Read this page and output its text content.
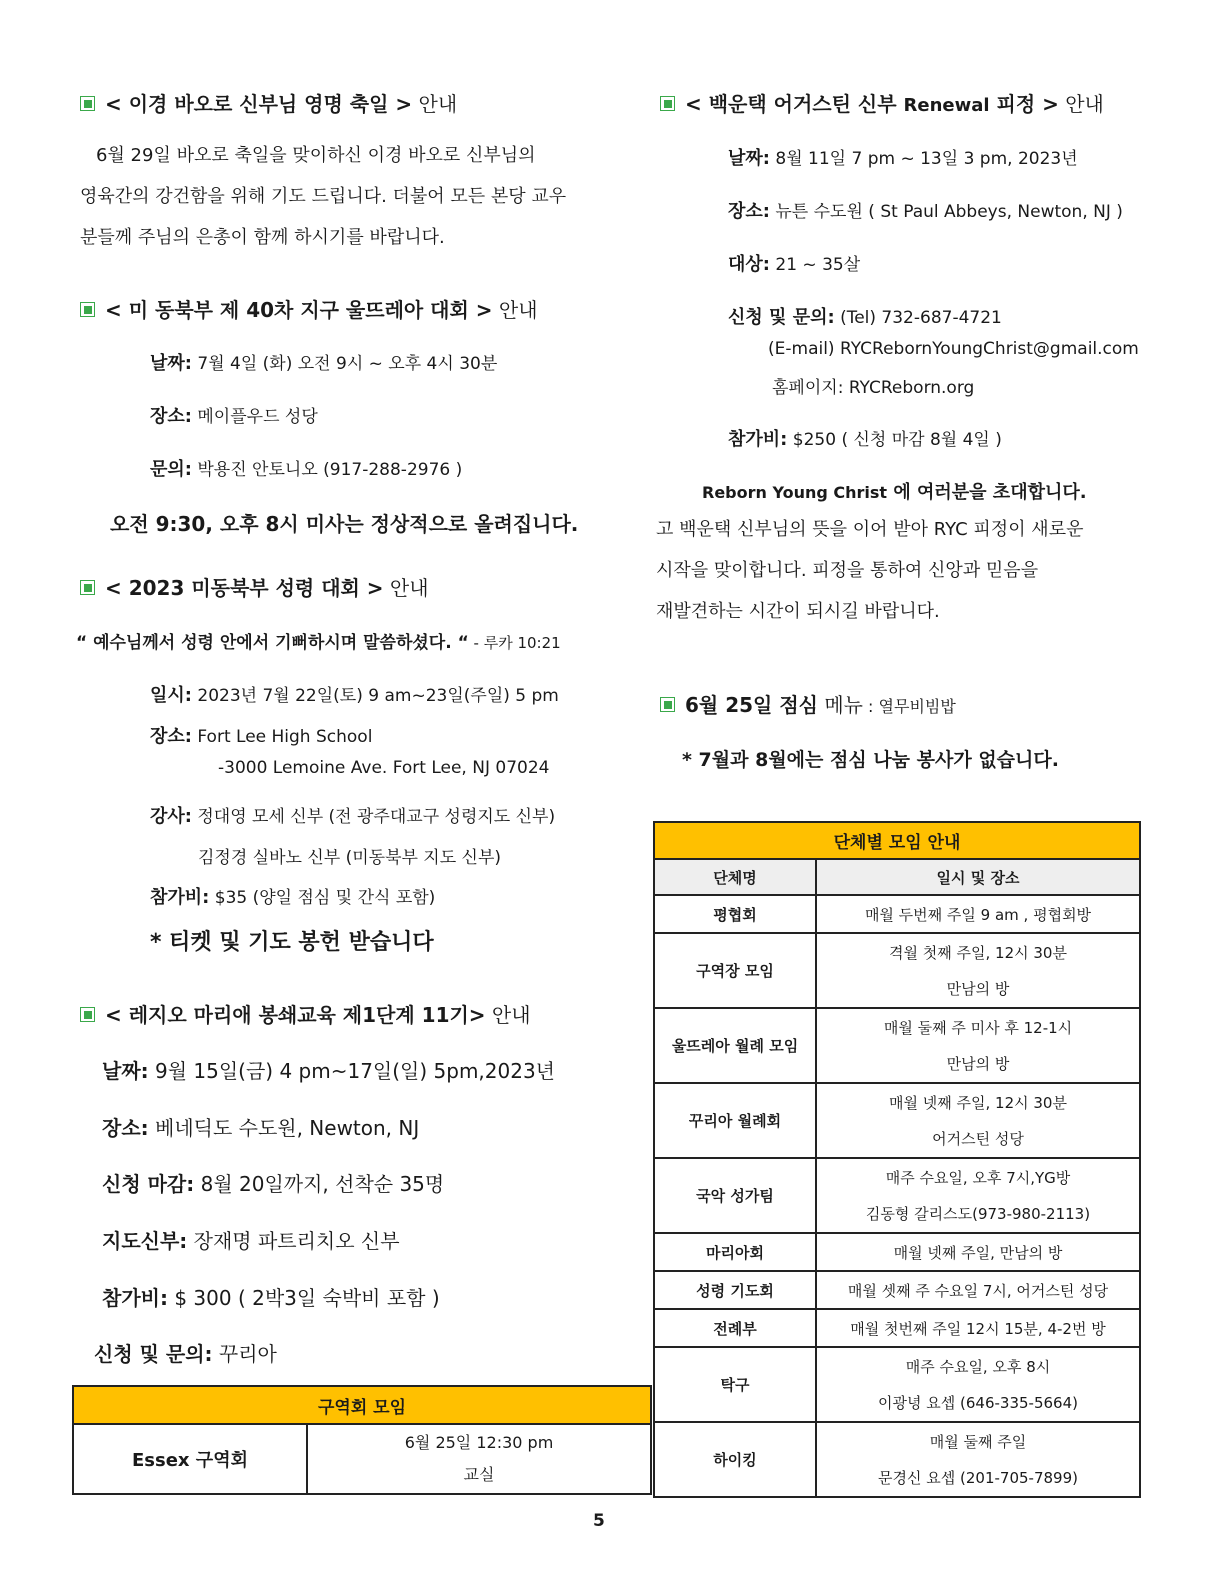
< 이경 바오로 신부님 영명 축일 > 안내
6월 29일 바오로 축일을 맞이하신 이경 바오로 신부님의
영육간의 강건함을 위해 기도 드립니다. 더불어 모든 본당 교우
분들께 주님의 은총이 함께 하시기를 바랍니다.
< 미 동북부 제 40차 지구 울뜨레아 대회 > 안내
날짜: 7월 4일 (화) 오전 9시 ~ 오후 4시 30분
장소: 메이플우드 성당
문의: 박용진 안토니오 (917-288-2976 )
오전 9:30, 오후 8시 미사는 정상적으로 올려집니다.
< 2023 미동북부 성령 대회 > 안내
“ 예수님께서 성령 안에서 기뻐하시며 말씀하셨다. “ - 루카 10:21
일시: 2023년 7월 22일(토) 9 am~23일(주일) 5 pm
장소: Fort Lee High School
-3000 Lemoine Ave. Fort Lee, NJ 07024
강사: 정대영 모세 신부 (전 광주대교구 성령지도 신부)
김정경 실바노 신부 (미동북부 지도 신부)
참가비: $35 (양일 점심 및 간식 포함)
* 티켓 및 기도 봉헌 받습니다
< 레지오 마리애 봉쇄교육 제1단계 11기> 안내
날짜: 9월 15일(금) 4 pm~17일(일) 5pm,2023년
장소: 베네딕도 수도원, Newton, NJ
신청 마감: 8월 20일까지, 선착순 35명
지도신부: 장재명 파트리치오 신부
참가비: $ 300 ( 2박3일 숙박비 포함 )
신청 및 문의: 꾸리아
구역회 모임
Essex 구역회	
6월 25일 12:30 pm
교실
< 백운택 어거스틴 신부 Renewal 피정 > 안내
날짜: 8월 11일 7 pm ~ 13일 3 pm, 2023년
장소: 뉴튼 수도원 ( St Paul Abbeys, Newton, NJ )
대상: 21 ~ 35살
신청 및 문의: (Tel) 732-687-4721
(E-mail) RYCRebornYoungChrist@gmail.com
홈페이지: RYCReborn.org
참가비: $250 ( 신청 마감 8월 4일 )
Reborn Young Christ 에 여러분을 초대합니다.
고 백운택 신부님의 뜻을 이어 받아 RYC 피정이 새로운
시작을 맞이합니다. 피정을 통하여 신앙과 믿음을
재발견하는 시간이 되시길 바랍니다.
6월 25일 점심 메뉴 : 열무비빔밥
* 7월과 8월에는 점심 나눔 봉사가 없습니다.
단체별 모임 안내	
단체명	일시 및 장소
평협회	매월 두번째 주일 9 am , 평협회방
구역장 모임	격월 첫째 주일, 12시 30분
만남의 방

울뜨레아 월례 모임	매월 둘째 주 미사 후 12-1시
만남의 방

꾸리아 월례회	매월 넷째 주일, 12시 30분
어거스틴 성당

국악 성가팀	매주 수요일, 오후 7시,YG방
김동형 갈리스도(973-980-2113)

마리아회	매월 넷째 주일, 만남의 방
성령 기도회	매월 셋째 주 수요일 7시, 어거스틴 성당
전례부	매월 첫번째 주일 12시 15분, 4-2번 방
탁구	매주 수요일, 오후 8시
이광녕 요셉 (646-335-5664)

하이킹	매월 둘째 주일
문경신 요셉 (201-705-7899)
5
